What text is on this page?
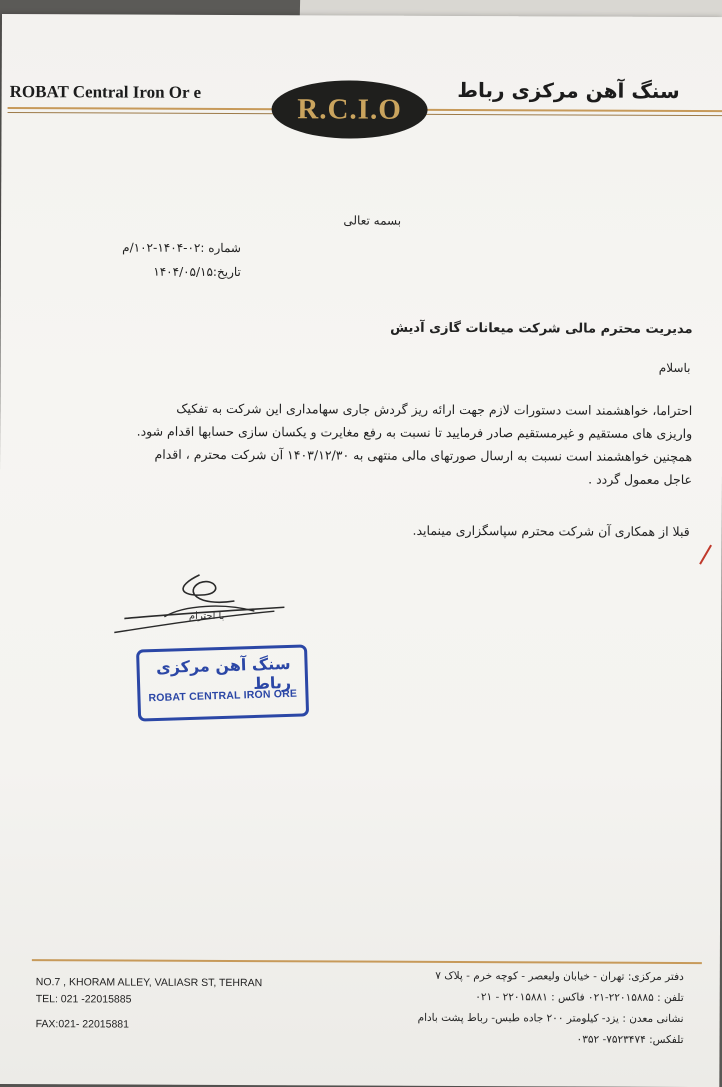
ROBAT Central Iron Or e	سنگ آهن مرکزی رباط
R.C.I.O
بسمه تعالی
شماره :۰۲-۱۴۰۴-۱۰۲/م
تاریخ:۱۴۰۴/۰۵/۱۵
مدیریت محترم مالی شرکت میعانات گازی آدیش
باسلام
احتراما، خواهشمند است دستورات لازم جهت ارائه ریز گردش جاری سهامداری این شرکت به تفکیک
واریزی های مستقیم و غیرمستقیم صادر فرمایید تا نسبت به رفع مغایرت و یکسان سازی حسابها اقدام شود.
همچنین خواهشمند است نسبت به ارسال صورتهای مالی منتهی به ۱۴۰۳/۱۲/۳۰ آن شرکت محترم ، اقدام
عاجل معمول گردد .
قبلا از همکاری آن شرکت محترم سپاسگزاری مینماید.
با احترام
سنگ آهن مرکزی رباط
ROBAT CENTRAL IRON ORE
NO.7 , KHORAM ALLEY, VALIASR ST, TEHRAN
TEL: 021 -22015885
FAX:021- 22015881
دفتر مرکزی: تهران - خیابان ولیعصر - کوچه خرم - پلاک ۷
تلفن : ۲۲۰۱۵۸۸۵-۰۲۱ فاکس : ۲۲۰۱۵۸۸۱ - ۰۲۱
نشانی معدن : یزد- کیلومتر ۲۰۰ جاده طبس- رباط پشت بادام
تلفکس: ۷۵۲۳۴۷۴- ۰۳۵۲
